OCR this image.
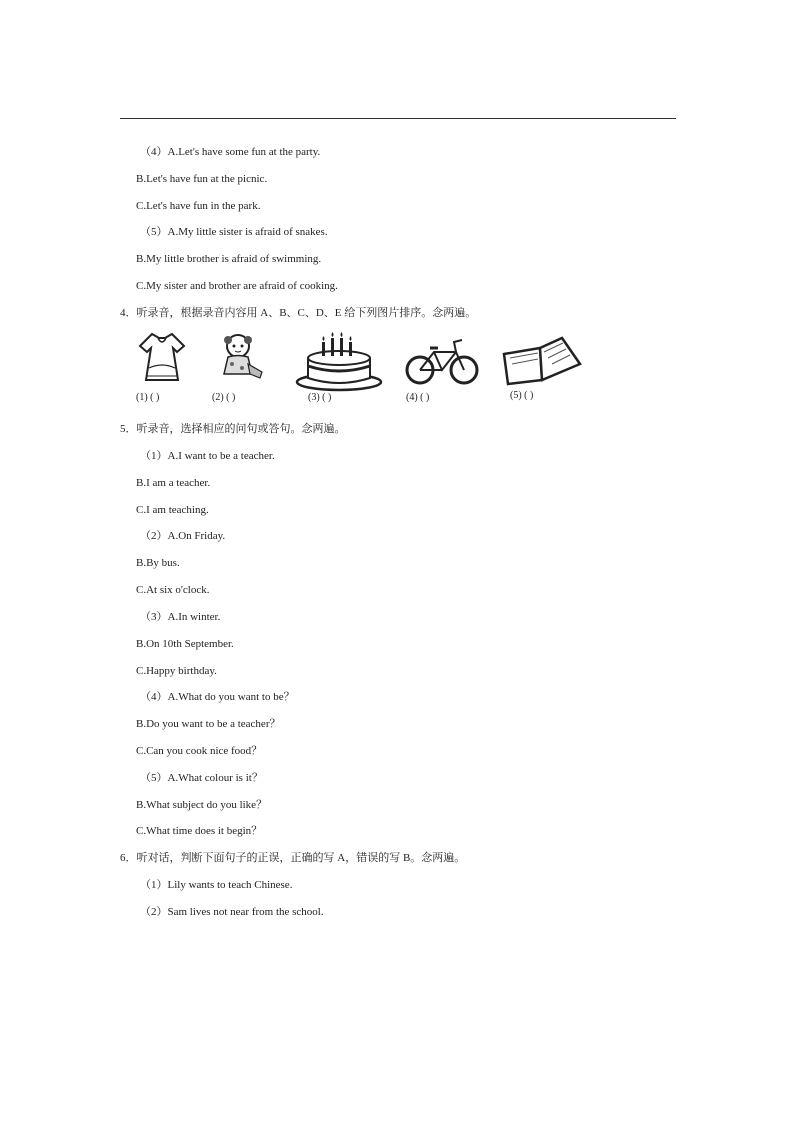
（4）A.Let's have some fun at the party.
B.Let's have fun at the picnic.
C.Let's have fun in the park.
（5）A.My little sister is afraid of snakes.
B.My little brother is afraid of swimming.
C.My sister and brother are afraid of cooking.
4．听录音，根据录音内容用 A、B、C、D、E 给下列图片排序。念两遍。
(1) ( )	(2) ( )	(3) ( )	(4) ( )	(5) ( )
5．听录音，选择相应的问句或答句。念两遍。
（1）A.I want to be a teacher.
B.I am a teacher.
C.I am teaching.
（2）A.On Friday.
B.By bus.
C.At six o'clock.
（3）A.In winter.
B.On 10th September.
C.Happy birthday.
（4）A.What do you want to be？
B.Do you want to be a teacher？
C.Can you cook nice food？
（5）A.What colour is it？
B.What subject do you like？
C.What time does it begin？
6．听对话，判断下面句子的正误，正确的写 A，错误的写 B。念两遍。
（1）Lily wants to teach Chinese.
（2）Sam lives not near from the school.
